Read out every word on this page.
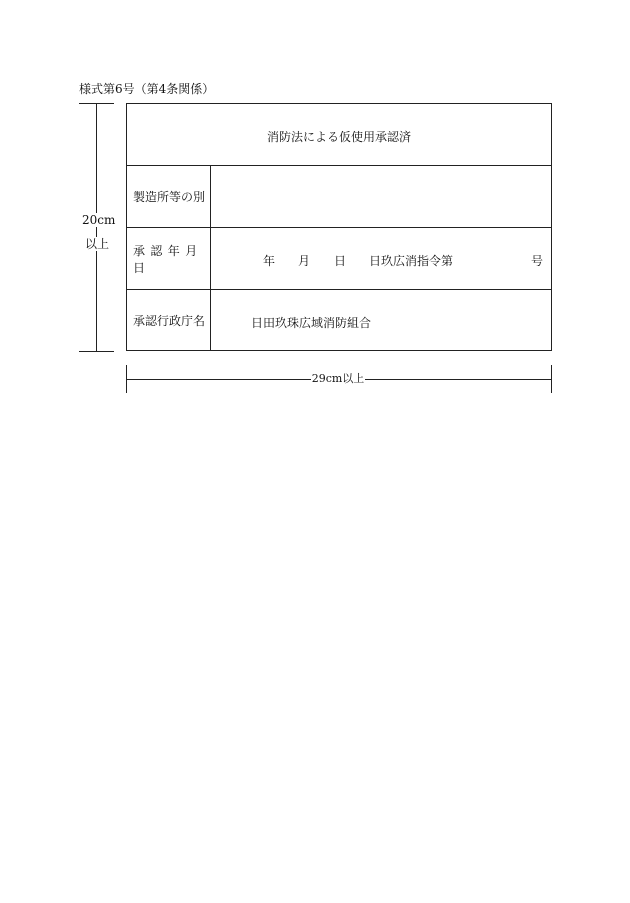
様式第6号（第4条関係）
20cm
以上
消防法による仮使用承認済
製造所等の別
承認年月日	年 月 日 日玖広消指令第	号
承認行政庁名	日田玖珠広域消防組合
29cm以上
